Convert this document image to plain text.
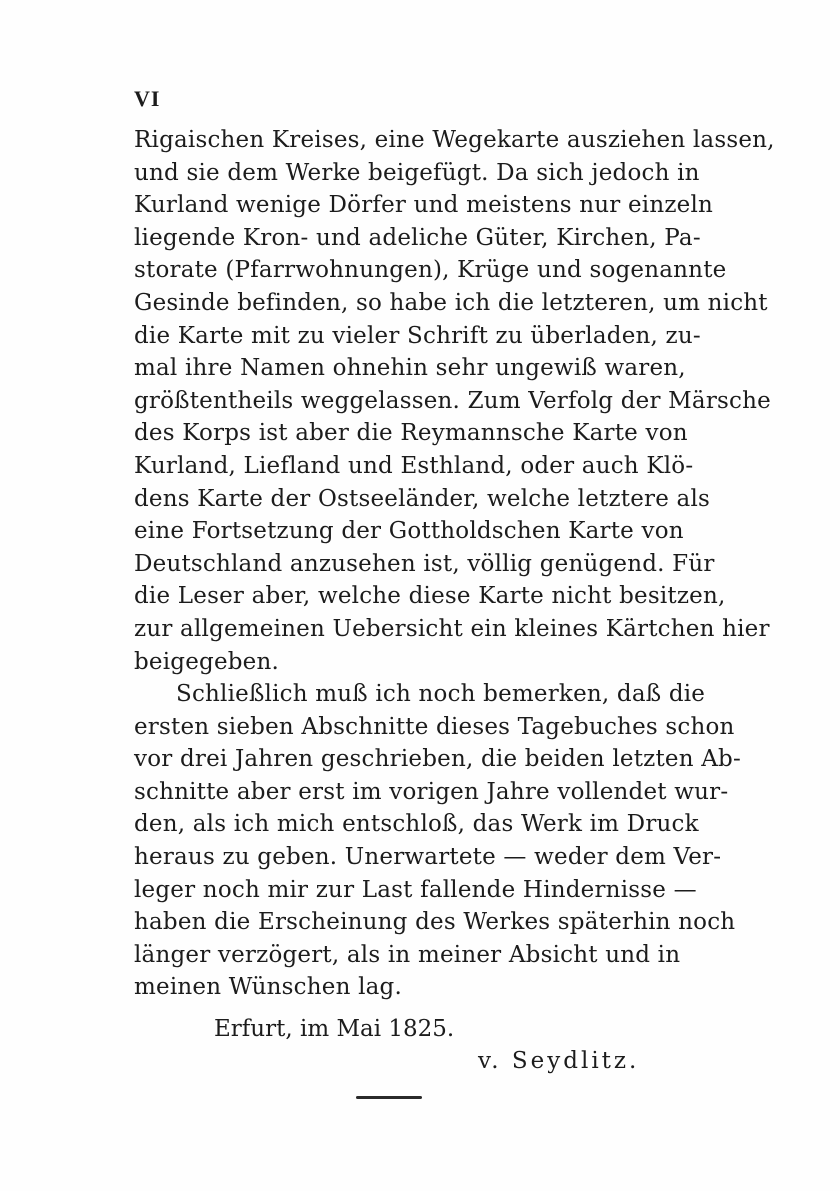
VI
Rigaischen Kreises, eine Wegekarte ausziehen lassen,
und sie dem Werke beigefügt. Da sich jedoch in
Kurland wenige Dörfer und meistens nur einzeln
liegende Kron- und adeliche Güter, Kirchen, Pa-
storate (Pfarrwohnungen), Krüge und sogenannte
Gesinde befinden, so habe ich die letzteren, um nicht
die Karte mit zu vieler Schrift zu überladen, zu-
mal ihre Namen ohnehin sehr ungewiß waren,
größtentheils weggelassen. Zum Verfolg der Märsche
des Korps ist aber die Reymannsche Karte von
Kurland, Liefland und Esthland, oder auch Klö-
dens Karte der Ostseeländer, welche letztere als
eine Fortsetzung der Gottholdschen Karte von
Deutschland anzusehen ist, völlig genügend. Für
die Leser aber, welche diese Karte nicht besitzen,
zur allgemeinen Uebersicht ein kleines Kärtchen hier
beigegeben.
Schließlich muß ich noch bemerken, daß die
ersten sieben Abschnitte dieses Tagebuches schon
vor drei Jahren geschrieben, die beiden letzten Ab-
schnitte aber erst im vorigen Jahre vollendet wur-
den, als ich mich entschloß, das Werk im Druck
heraus zu geben. Unerwartete — weder dem Ver-
leger noch mir zur Last fallende Hindernisse —
haben die Erscheinung des Werkes späterhin noch
länger verzögert, als in meiner Absicht und in
meinen Wünschen lag.
Erfurt, im Mai 1825.
v. Seydlitz.
